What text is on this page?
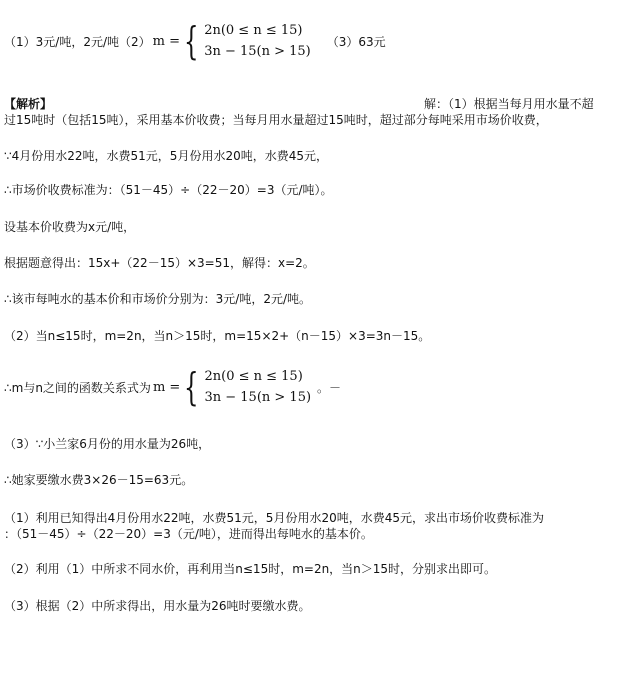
（1）3元/吨，2元/吨（2） m = { 2n(0 ≤ n ≤ 15)
3n − 15(n > 15)
（3）63元
【解析】	解：（1）根据当每月用水量不超
过15吨时（包括15吨），采用基本价收费；当每月用水量超过15吨时，超过部分每吨采用市场价收费，
∵4月份用水22吨，水费51元，5月份用水20吨，水费45元，
∴市场价收费标准为：（51－45）÷（22－20）=3（元/吨）。
设基本价收费为x元/吨，
根据题意得出：15x+（22－15）×3=51，解得：x=2。
∴该市每吨水的基本价和市场价分别为：3元/吨，2元/吨。
（2）当n≤15时，m=2n，当n＞15时，m=15×2+（n－15）×3=3n－15。
∴m与n之间的函数关系式为 m = { 2n(0 ≤ n ≤ 15)
3n − 15(n > 15)
。－
（3）∵小兰家6月份的用水量为26吨，
∴她家要缴水费3×26－15=63元。
（1）利用已知得出4月份用水22吨，水费51元，5月份用水20吨，水费45元，求出市场价收费标准为
：（51－45）÷（22－20）=3（元/吨），进而得出每吨水的基本价。
（2）利用（1）中所求不同水价，再利用当n≤15时，m=2n，当n＞15时，分别求出即可。
（3）根据（2）中所求得出，用水量为26吨时要缴水费。
